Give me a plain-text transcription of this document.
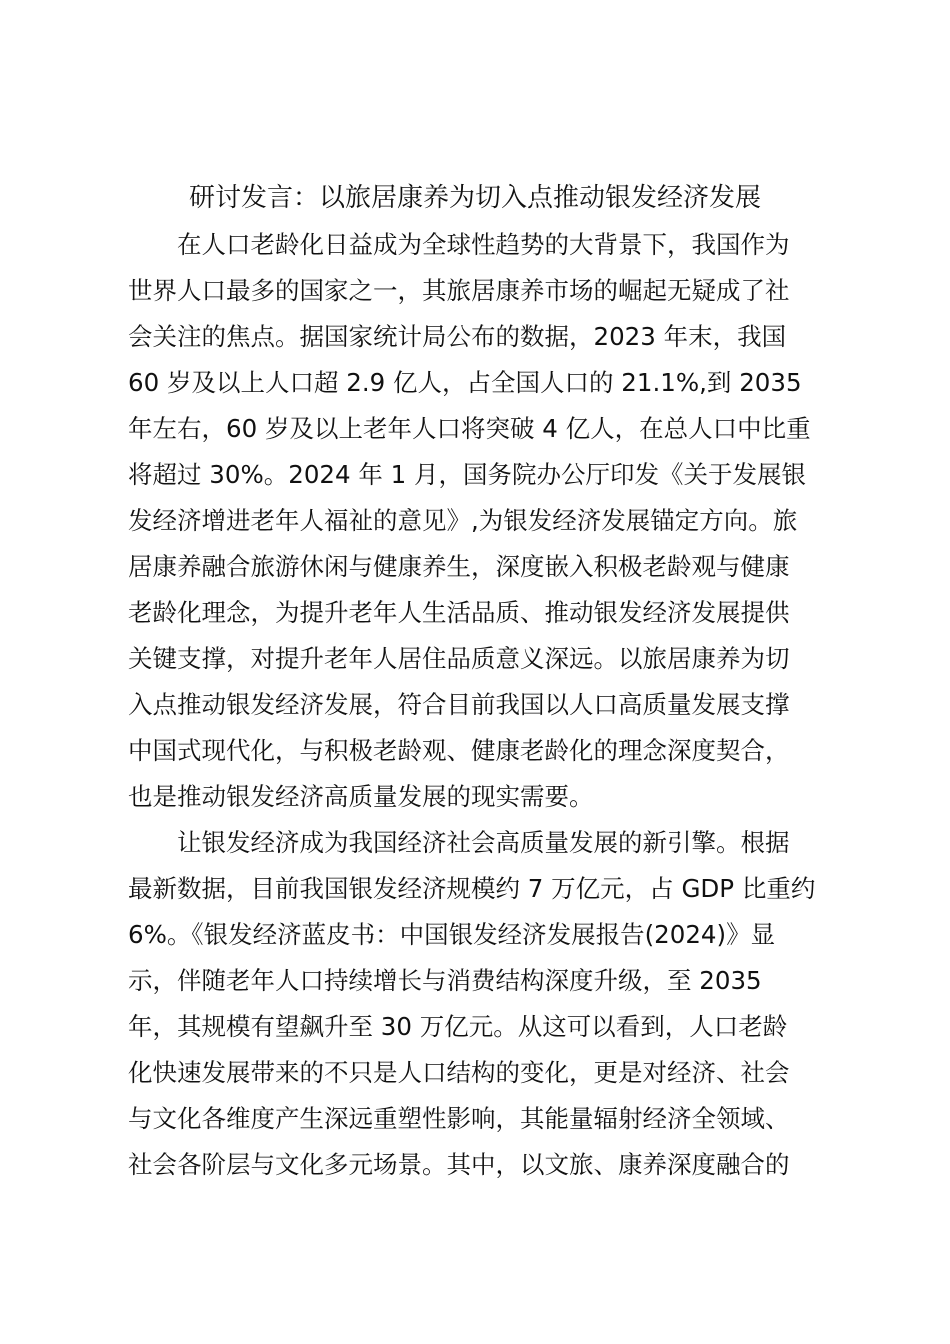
研讨发言：以旅居康养为切入点推动银发经济发展
在人口老龄化日益成为全球性趋势的大背景下，我国作为
世界人口最多的国家之一，其旅居康养市场的崛起无疑成了社
会关注的焦点。据国家统计局公布的数据，2023 年末，我国
60 岁及以上人口超 2.9 亿人，占全国人口的 21.1%,到 2035
年左右，60 岁及以上老年人口将突破 4 亿人，在总人口中比重
将超过 30%。2024 年 1 月，国务院办公厅印发《关于发展银
发经济增进老年人福祉的意见》,为银发经济发展锚定方向。旅
居康养融合旅游休闲与健康养生，深度嵌入积极老龄观与健康
老龄化理念，为提升老年人生活品质、推动银发经济发展提供
关键支撑，对提升老年人居住品质意义深远。以旅居康养为切
入点推动银发经济发展，符合目前我国以人口高质量发展支撑
中国式现代化，与积极老龄观、健康老龄化的理念深度契合，
也是推动银发经济高质量发展的现实需要。
让银发经济成为我国经济社会高质量发展的新引擎。根据
最新数据，目前我国银发经济规模约 7 万亿元，占 GDP 比重约
6%。《银发经济蓝皮书：中国银发经济发展报告(2024)》显
示，伴随老年人口持续增长与消费结构深度升级，至 2035
年，其规模有望飙升至 30 万亿元。从这可以看到，人口老龄
化快速发展带来的不只是人口结构的变化，更是对经济、社会
与文化各维度产生深远重塑性影响，其能量辐射经济全领域、
社会各阶层与文化多元场景。其中，以文旅、康养深度融合的
